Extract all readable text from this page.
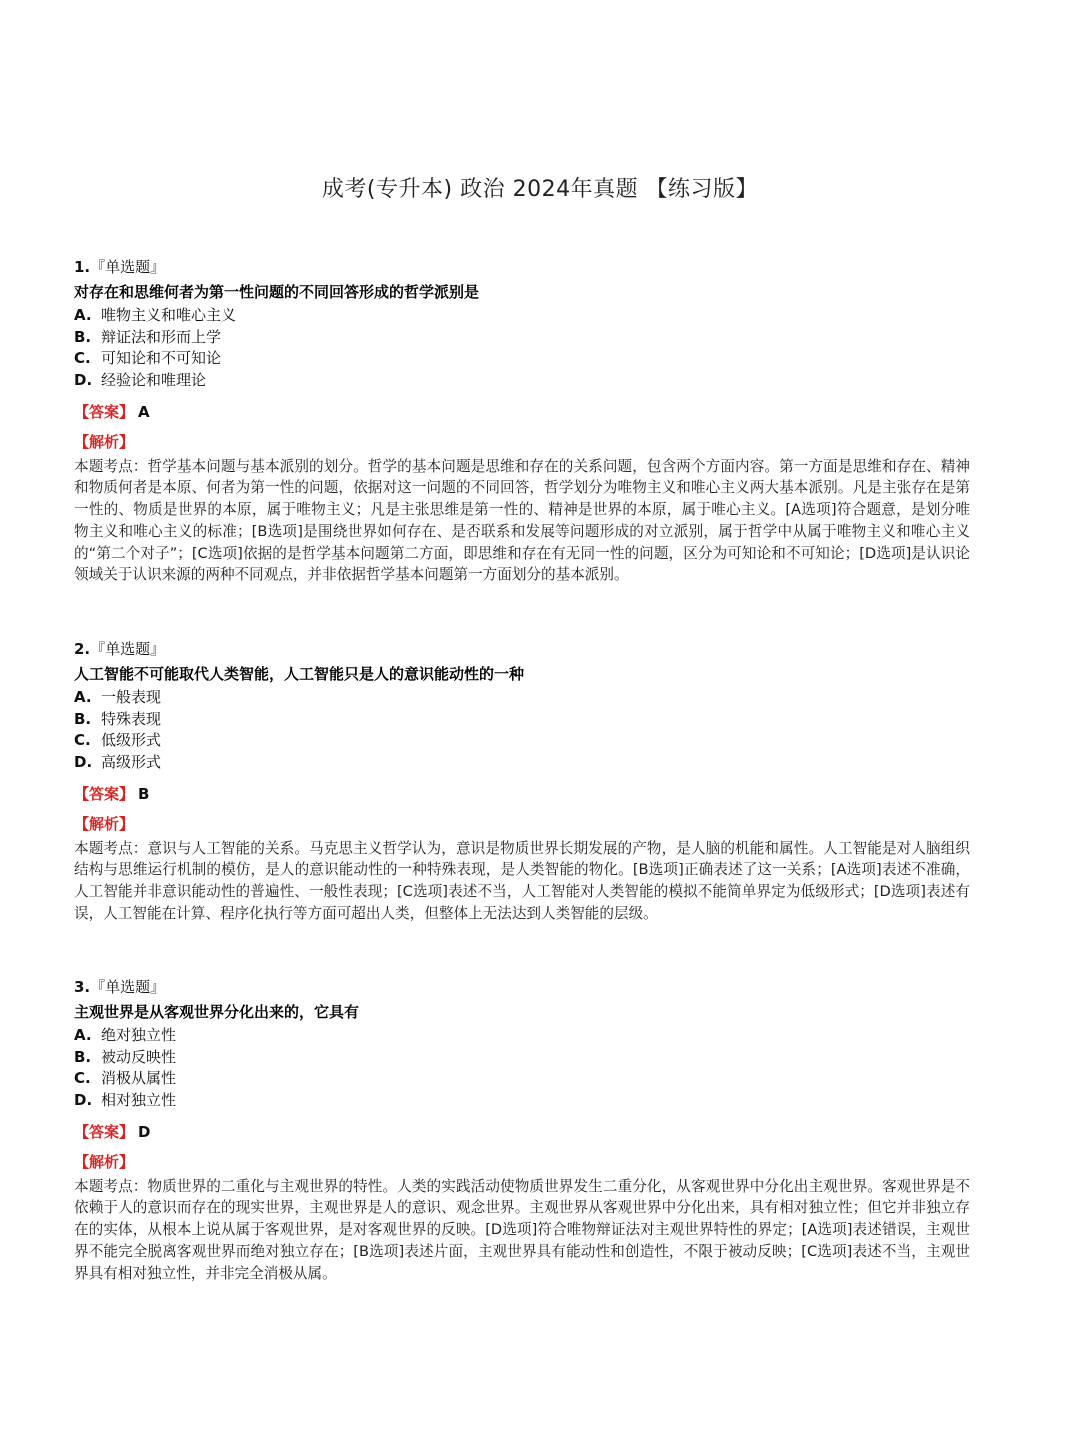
成考(专升本) 政治 2024年真题 【练习版】
1.『单选题』
对存在和思维何者为第一性问题的不同回答形成的哲学派别是
A. 唯物主义和唯心主义
B. 辩证法和形而上学
C. 可知论和不可知论
D. 经验论和唯理论
【答案】 A
【解析】
本题考点：哲学基本问题与基本派别的划分。哲学的基本问题是思维和存在的关系问题，包含两个方面内容。第一方面是思维和存在、精神和物质何者是本原、何者为第一性的问题，依据对这一问题的不同回答，哲学划分为唯物主义和唯心主义两大基本派别。凡是主张存在是第一性的、物质是世界的本原，属于唯物主义；凡是主张思维是第一性的、精神是世界的本原，属于唯心主义。[A选项]符合题意，是划分唯物主义和唯心主义的标准；[B选项]是围绕世界如何存在、是否联系和发展等问题形成的对立派别，属于哲学中从属于唯物主义和唯心主义的“第二个对子”；[C选项]依据的是哲学基本问题第二方面，即思维和存在有无同一性的问题，区分为可知论和不可知论；[D选项]是认识论领域关于认识来源的两种不同观点，并非依据哲学基本问题第一方面划分的基本派别。
2.『单选题』
人工智能不可能取代人类智能，人工智能只是人的意识能动性的一种
A. 一般表现
B. 特殊表现
C. 低级形式
D. 高级形式
【答案】 B
【解析】
本题考点：意识与人工智能的关系。马克思主义哲学认为，意识是物质世界长期发展的产物，是人脑的机能和属性。人工智能是对人脑组织结构与思维运行机制的模仿，是人的意识能动性的一种特殊表现，是人类智能的物化。[B选项]正确表述了这一关系；[A选项]表述不准确，人工智能并非意识能动性的普遍性、一般性表现；[C选项]表述不当，人工智能对人类智能的模拟不能简单界定为低级形式；[D选项]表述有误，人工智能在计算、程序化执行等方面可超出人类，但整体上无法达到人类智能的层级。
3.『单选题』
主观世界是从客观世界分化出来的，它具有
A. 绝对独立性
B. 被动反映性
C. 消极从属性
D. 相对独立性
【答案】 D
【解析】
本题考点：物质世界的二重化与主观世界的特性。人类的实践活动使物质世界发生二重分化，从客观世界中分化出主观世界。客观世界是不依赖于人的意识而存在的现实世界，主观世界是人的意识、观念世界。主观世界从客观世界中分化出来，具有相对独立性；但它并非独立存在的实体，从根本上说从属于客观世界，是对客观世界的反映。[D选项]符合唯物辩证法对主观世界特性的界定；[A选项]表述错误，主观世界不能完全脱离客观世界而绝对独立存在；[B选项]表述片面，主观世界具有能动性和创造性，不限于被动反映；[C选项]表述不当，主观世界具有相对独立性，并非完全消极从属。
